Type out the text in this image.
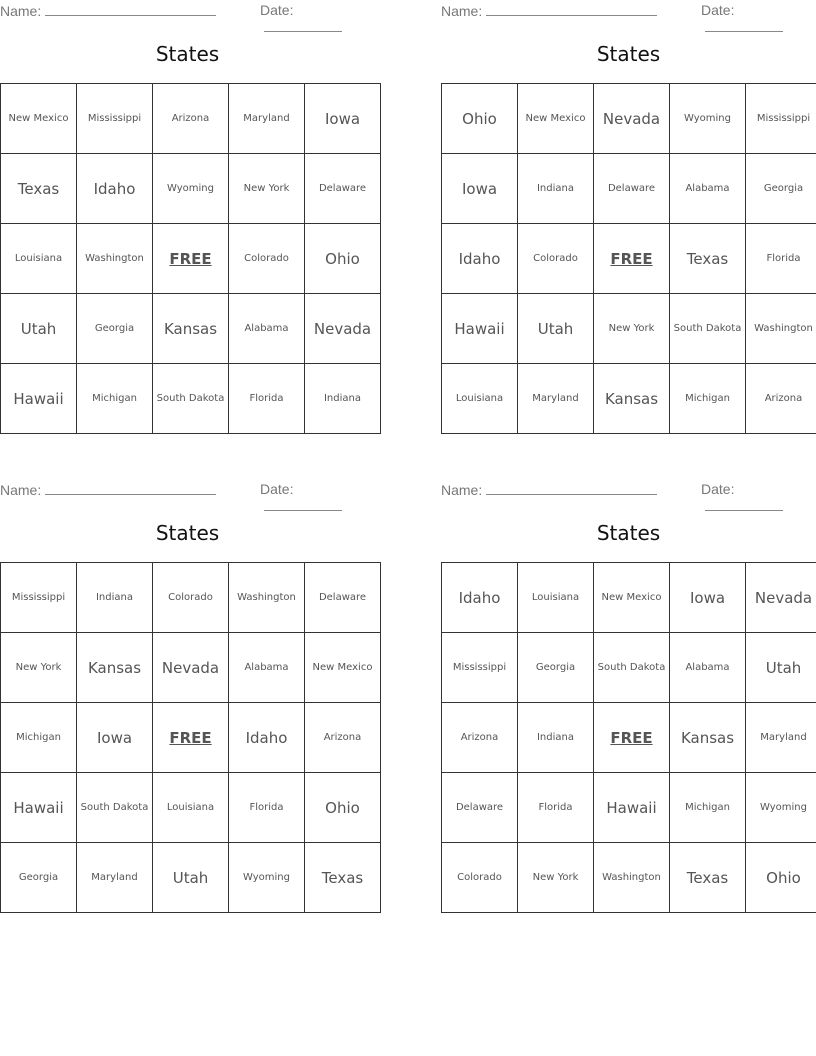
Name:	Date:
States
New Mexico	Mississippi	Arizona	Maryland	Iowa
Texas	Idaho	Wyoming	New York	Delaware
Louisiana	Washington	FREE	Colorado	Ohio
Utah	Georgia	Kansas	Alabama	Nevada
Hawaii	Michigan	South Dakota	Florida	Indiana
Name:	Date:
States
Ohio	New Mexico	Nevada	Wyoming	Mississippi
Iowa	Indiana	Delaware	Alabama	Georgia
Idaho	Colorado	FREE	Texas	Florida
Hawaii	Utah	New York	South Dakota	Washington
Louisiana	Maryland	Kansas	Michigan	Arizona
Name:	Date:
States
Mississippi	Indiana	Colorado	Washington	Delaware
New York	Kansas	Nevada	Alabama	New Mexico
Michigan	Iowa	FREE	Idaho	Arizona
Hawaii	South Dakota	Louisiana	Florida	Ohio
Georgia	Maryland	Utah	Wyoming	Texas
Name:	Date:
States
Idaho	Louisiana	New Mexico	Iowa	Nevada
Mississippi	Georgia	South Dakota	Alabama	Utah
Arizona	Indiana	FREE	Kansas	Maryland
Delaware	Florida	Hawaii	Michigan	Wyoming
Colorado	New York	Washington	Texas	Ohio
